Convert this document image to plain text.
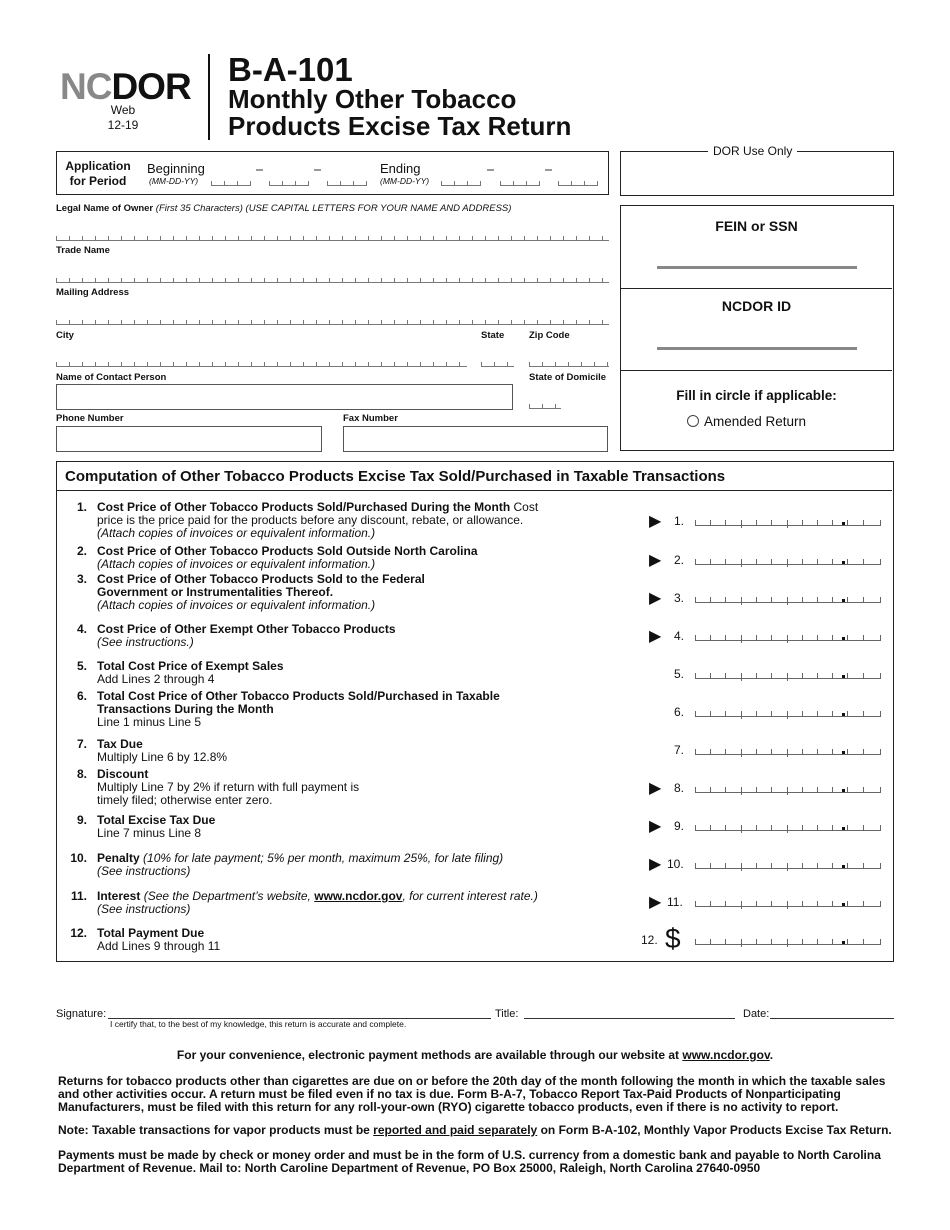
NCDOR
Web
12-19
B-A-101
Monthly Other Tobacco
Products Excise Tax Return
Application
for Period
Beginning
(MM-DD-YY)
Ending
(MM-DD-YY)
DOR Use Only
Legal Name of Owner (First 35 Characters) (USE CAPITAL LETTERS FOR YOUR NAME AND ADDRESS)
Trade Name
Mailing Address
City	State	Zip Code
Name of Contact Person	State of Domicile
Phone Number	Fax Number
FEIN or SSN
NCDOR ID
Fill in circle if applicable:
Amended Return
Computation of Other Tobacco Products Excise Tax Sold/Purchased in Taxable Transactions
1. Cost Price of Other Tobacco Products Sold/Purchased During the Month Cost
price is the price paid for the products before any discount, rebate, or allowance.
(Attach copies of invoices or equivalent information.)
▶ 1.
2. Cost Price of Other Tobacco Products Sold Outside North Carolina
(Attach copies of invoices or equivalent information.)	▶ 2.
3. Cost Price of Other Tobacco Products Sold to the Federal
Government or Instrumentalities Thereof.
(Attach copies of invoices or equivalent information.)	▶ 3.
4. Cost Price of Other Exempt Other Tobacco Products
(See instructions.)	▶ 4.
5. Total Cost Price of Exempt Sales
Add Lines 2 through 4	5.
6. Total Cost Price of Other Tobacco Products Sold/Purchased in Taxable
Transactions During the Month
Line 1 minus Line 5
6.
7. Tax Due
Multiply Line 6 by 12.8%	7.
8. Discount
Multiply Line 7 by 2% if return with full payment is
timely filed; otherwise enter zero.
▶ 8.
9. Total Excise Tax Due
Line 7 minus Line 8	▶ 9.
10. Penalty (10% for late payment; 5% per month, maximum 25%, for late filing)
(See instructions)	▶ 10.
11. Interest (See the Department’s website, www.ncdor.gov, for current interest rate.)
(See instructions)	▶ 11.
12. Total Payment Due
Add Lines 9 through 11	12. $
Signature:
I certify that, to the best of my knowledge, this return is accurate and complete.
Title:	Date:
For your convenience, electronic payment methods are available through our website at www.ncdor.gov.
Returns for tobacco products other than cigarettes are due on or before the 20th day of the month following the month in which the taxable sales and other activities occur. A return must be filed even if no tax is due. Form B-A-7, Tobacco Report Tax-Paid Products of Nonparticipating Manufacturers, must be filed with this return for any roll-your-own (RYO) cigarette tobacco products, even if there is no activity to report.
Note: Taxable transactions for vapor products must be reported and paid separately on Form B-A-102, Monthly Vapor Products Excise Tax Return.
Payments must be made by check or money order and must be in the form of U.S. currency from a domestic bank and payable to North Carolina Department of Revenue. Mail to: North Caroline Department of Revenue, PO Box 25000, Raleigh, North Carolina 27640-0950
